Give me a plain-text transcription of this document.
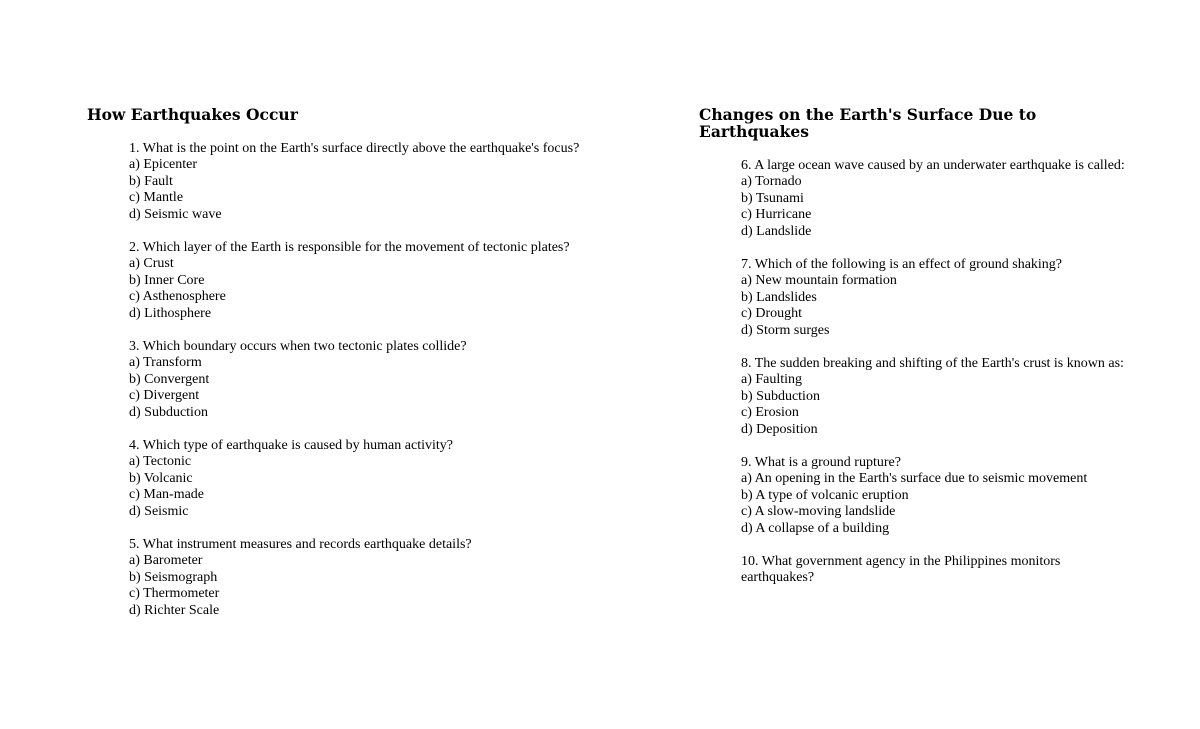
How Earthquakes Occur
1. What is the point on the Earth's surface directly above the earthquake's focus?
a) Epicenter
b) Fault
c) Mantle
d) Seismic wave
2. Which layer of the Earth is responsible for the movement of tectonic plates?
a) Crust
b) Inner Core
c) Asthenosphere
d) Lithosphere
3. Which boundary occurs when two tectonic plates collide?
a) Transform
b) Convergent
c) Divergent
d) Subduction
4. Which type of earthquake is caused by human activity?
a) Tectonic
b) Volcanic
c) Man-made
d) Seismic
5. What instrument measures and records earthquake details?
a) Barometer
b) Seismograph
c) Thermometer
d) Richter Scale
Changes on the Earth's Surface Due to Earthquakes
6. A large ocean wave caused by an underwater earthquake is called:
a) Tornado
b) Tsunami
c) Hurricane
d) Landslide
7. Which of the following is an effect of ground shaking?
a) New mountain formation
b) Landslides
c) Drought
d) Storm surges
8. The sudden breaking and shifting of the Earth's crust is known as:
a) Faulting
b) Subduction
c) Erosion
d) Deposition
9. What is a ground rupture?
a) An opening in the Earth's surface due to seismic movement
b) A type of volcanic eruption
c) A slow-moving landslide
d) A collapse of a building
10. What government agency in the Philippines monitors earthquakes?
